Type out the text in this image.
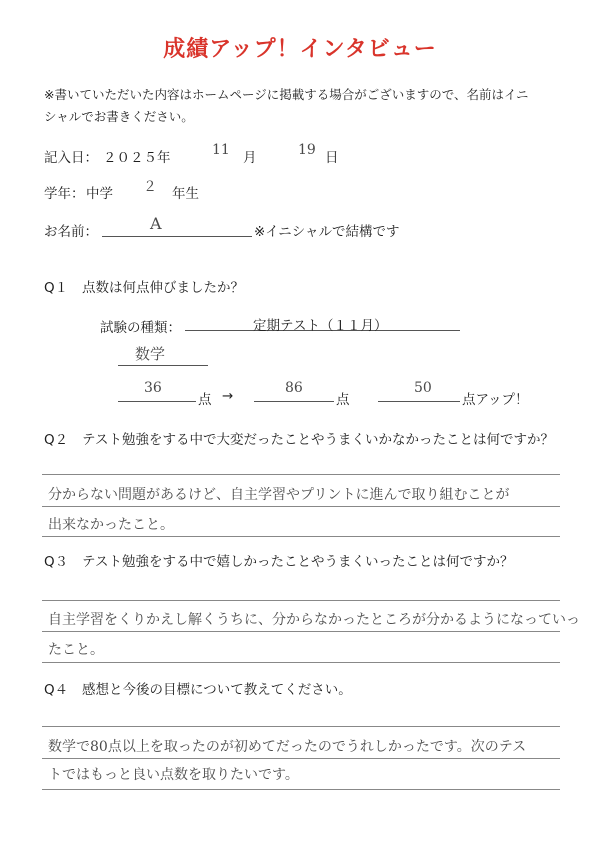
成績アップ！インタビュー
※書いていただいた内容はホームページに掲載する場合がございますので、名前はイニ
シャルでお書きください。
記入日： ２０２５年	11 月	19 日
学年： 中学 ２ 年生
お名前：	A	※イニシャルで結構です
Q１ 点数は何点伸びましたか？
試験の種類：	定期テスト（１１月）
数学
36
点 →	86
点
50
点アップ！
Q２ テスト勉強をする中で大変だったことやうまくいかなかったことは何ですか？
分からない問題があるけど、自主学習やプリントに進んで取り組むことが
出来なかったこと。
Q３ テスト勉強をする中で嬉しかったことやうまくいったことは何ですか？
自主学習をくりかえし解くうちに、分からなかったところが分かるようになっていっ
たこと。
Q４ 感想と今後の目標について教えてください。
数学で80点以上を取ったのが初めてだったのでうれしかったです。次のテス
トではもっと良い点数を取りたいです。
